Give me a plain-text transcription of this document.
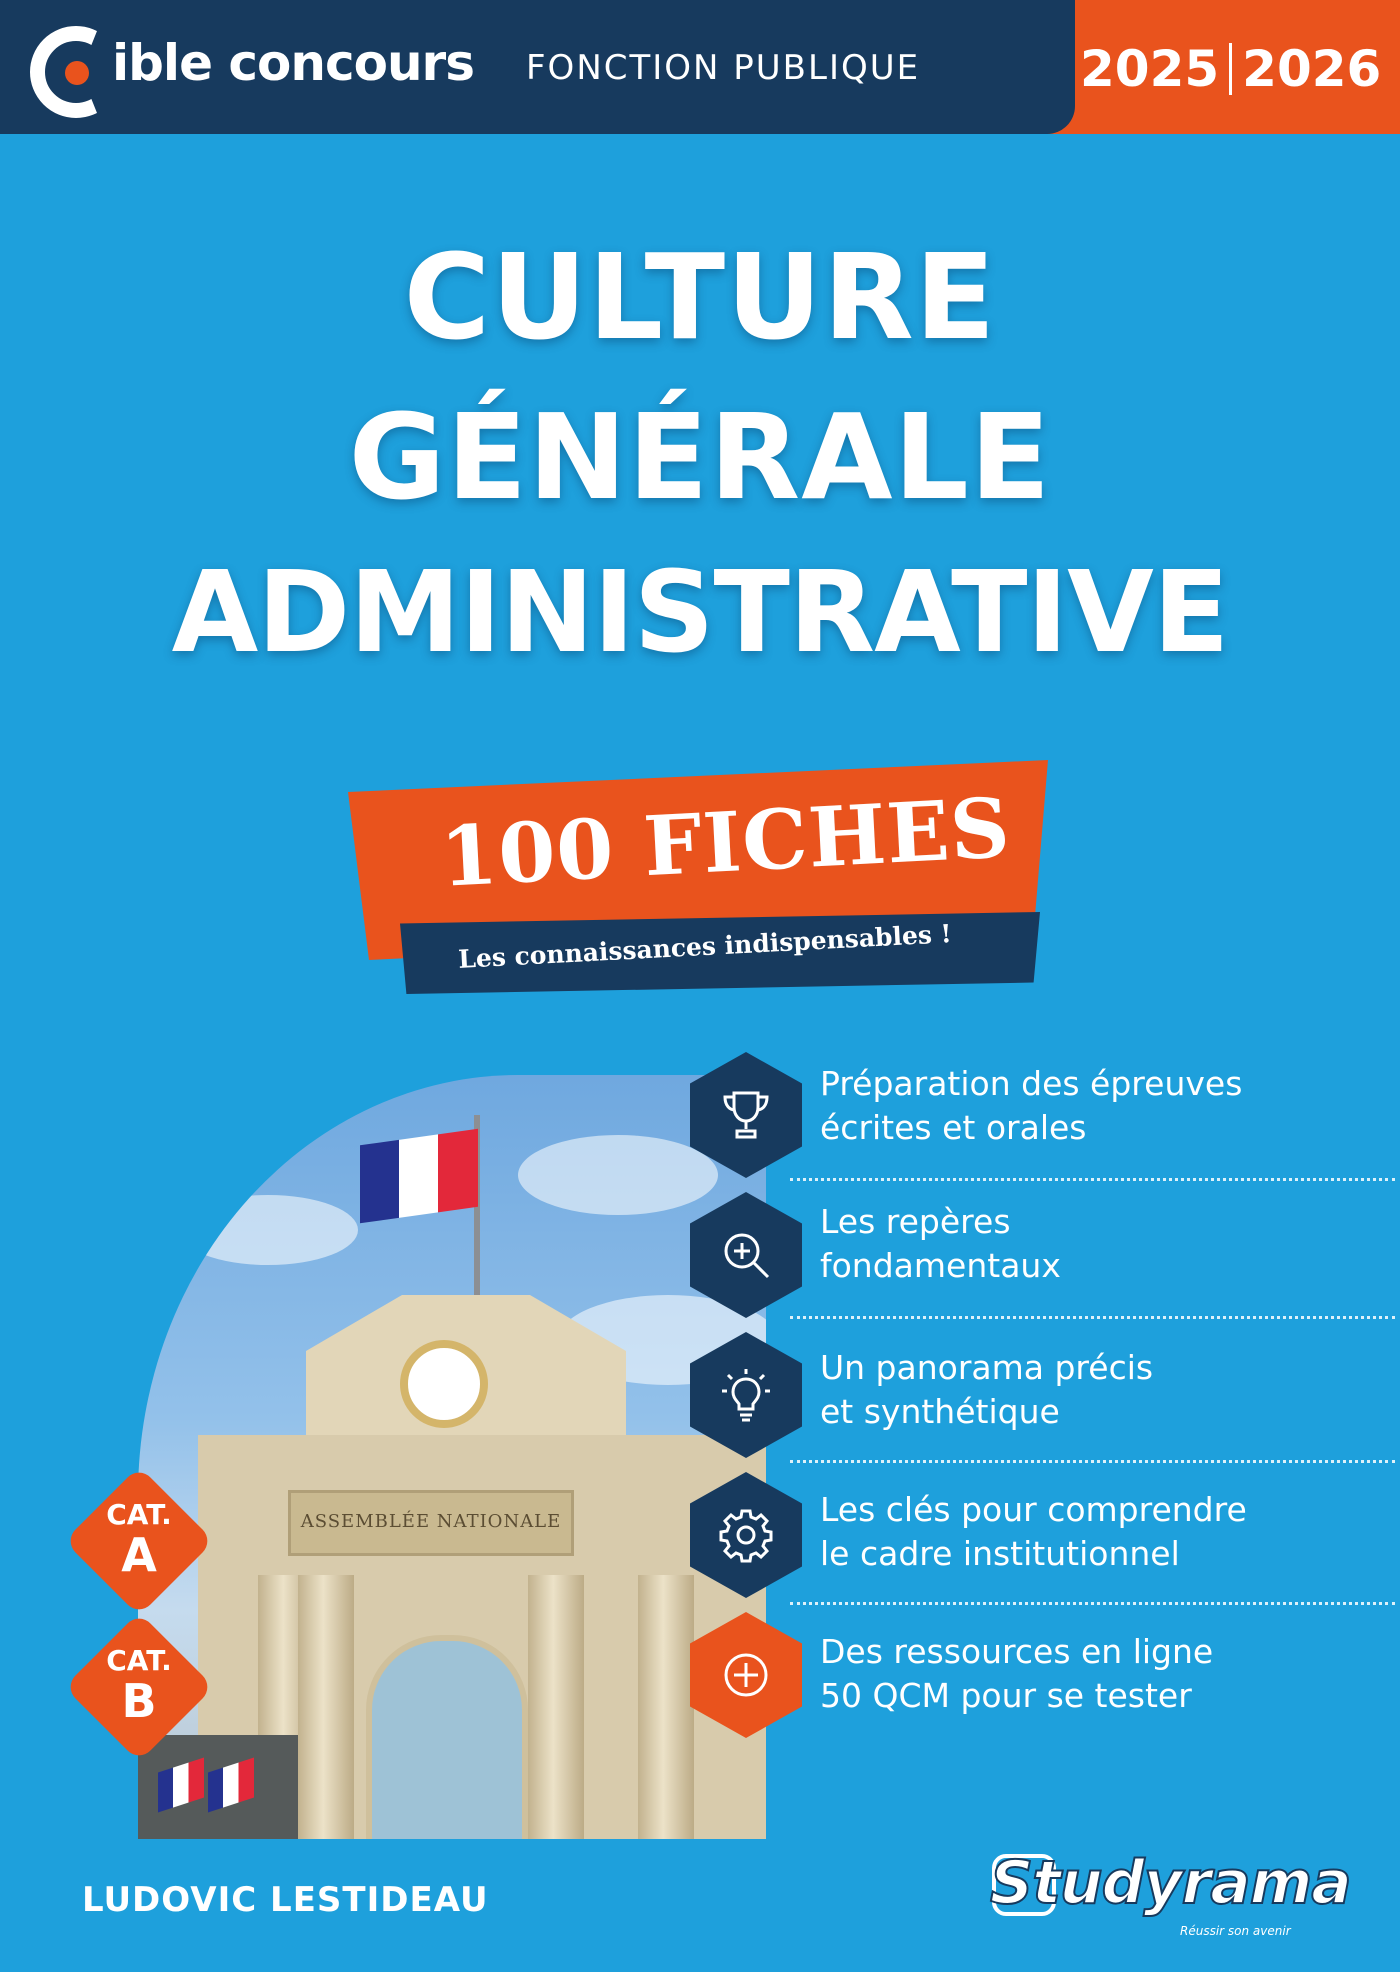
ible concours FONCTION PUBLIQUE	2025 2026
CULTURE
GÉNÉRALE
ADMINISTRATIVE
100 FICHES
Les connaissances indispensables !
ASSEMBLÉE NATIONALE
CAT.
A
CAT.
B
Préparation des épreuves
écrites et orales
Les repères
fondamentaux
Un panorama précis
et synthétique
Les clés pour comprendre
le cadre institutionnel
Des ressources en ligne
50 QCM pour se tester
LUDOVIC LESTIDEAU	Studyrama
Réussir son avenir
